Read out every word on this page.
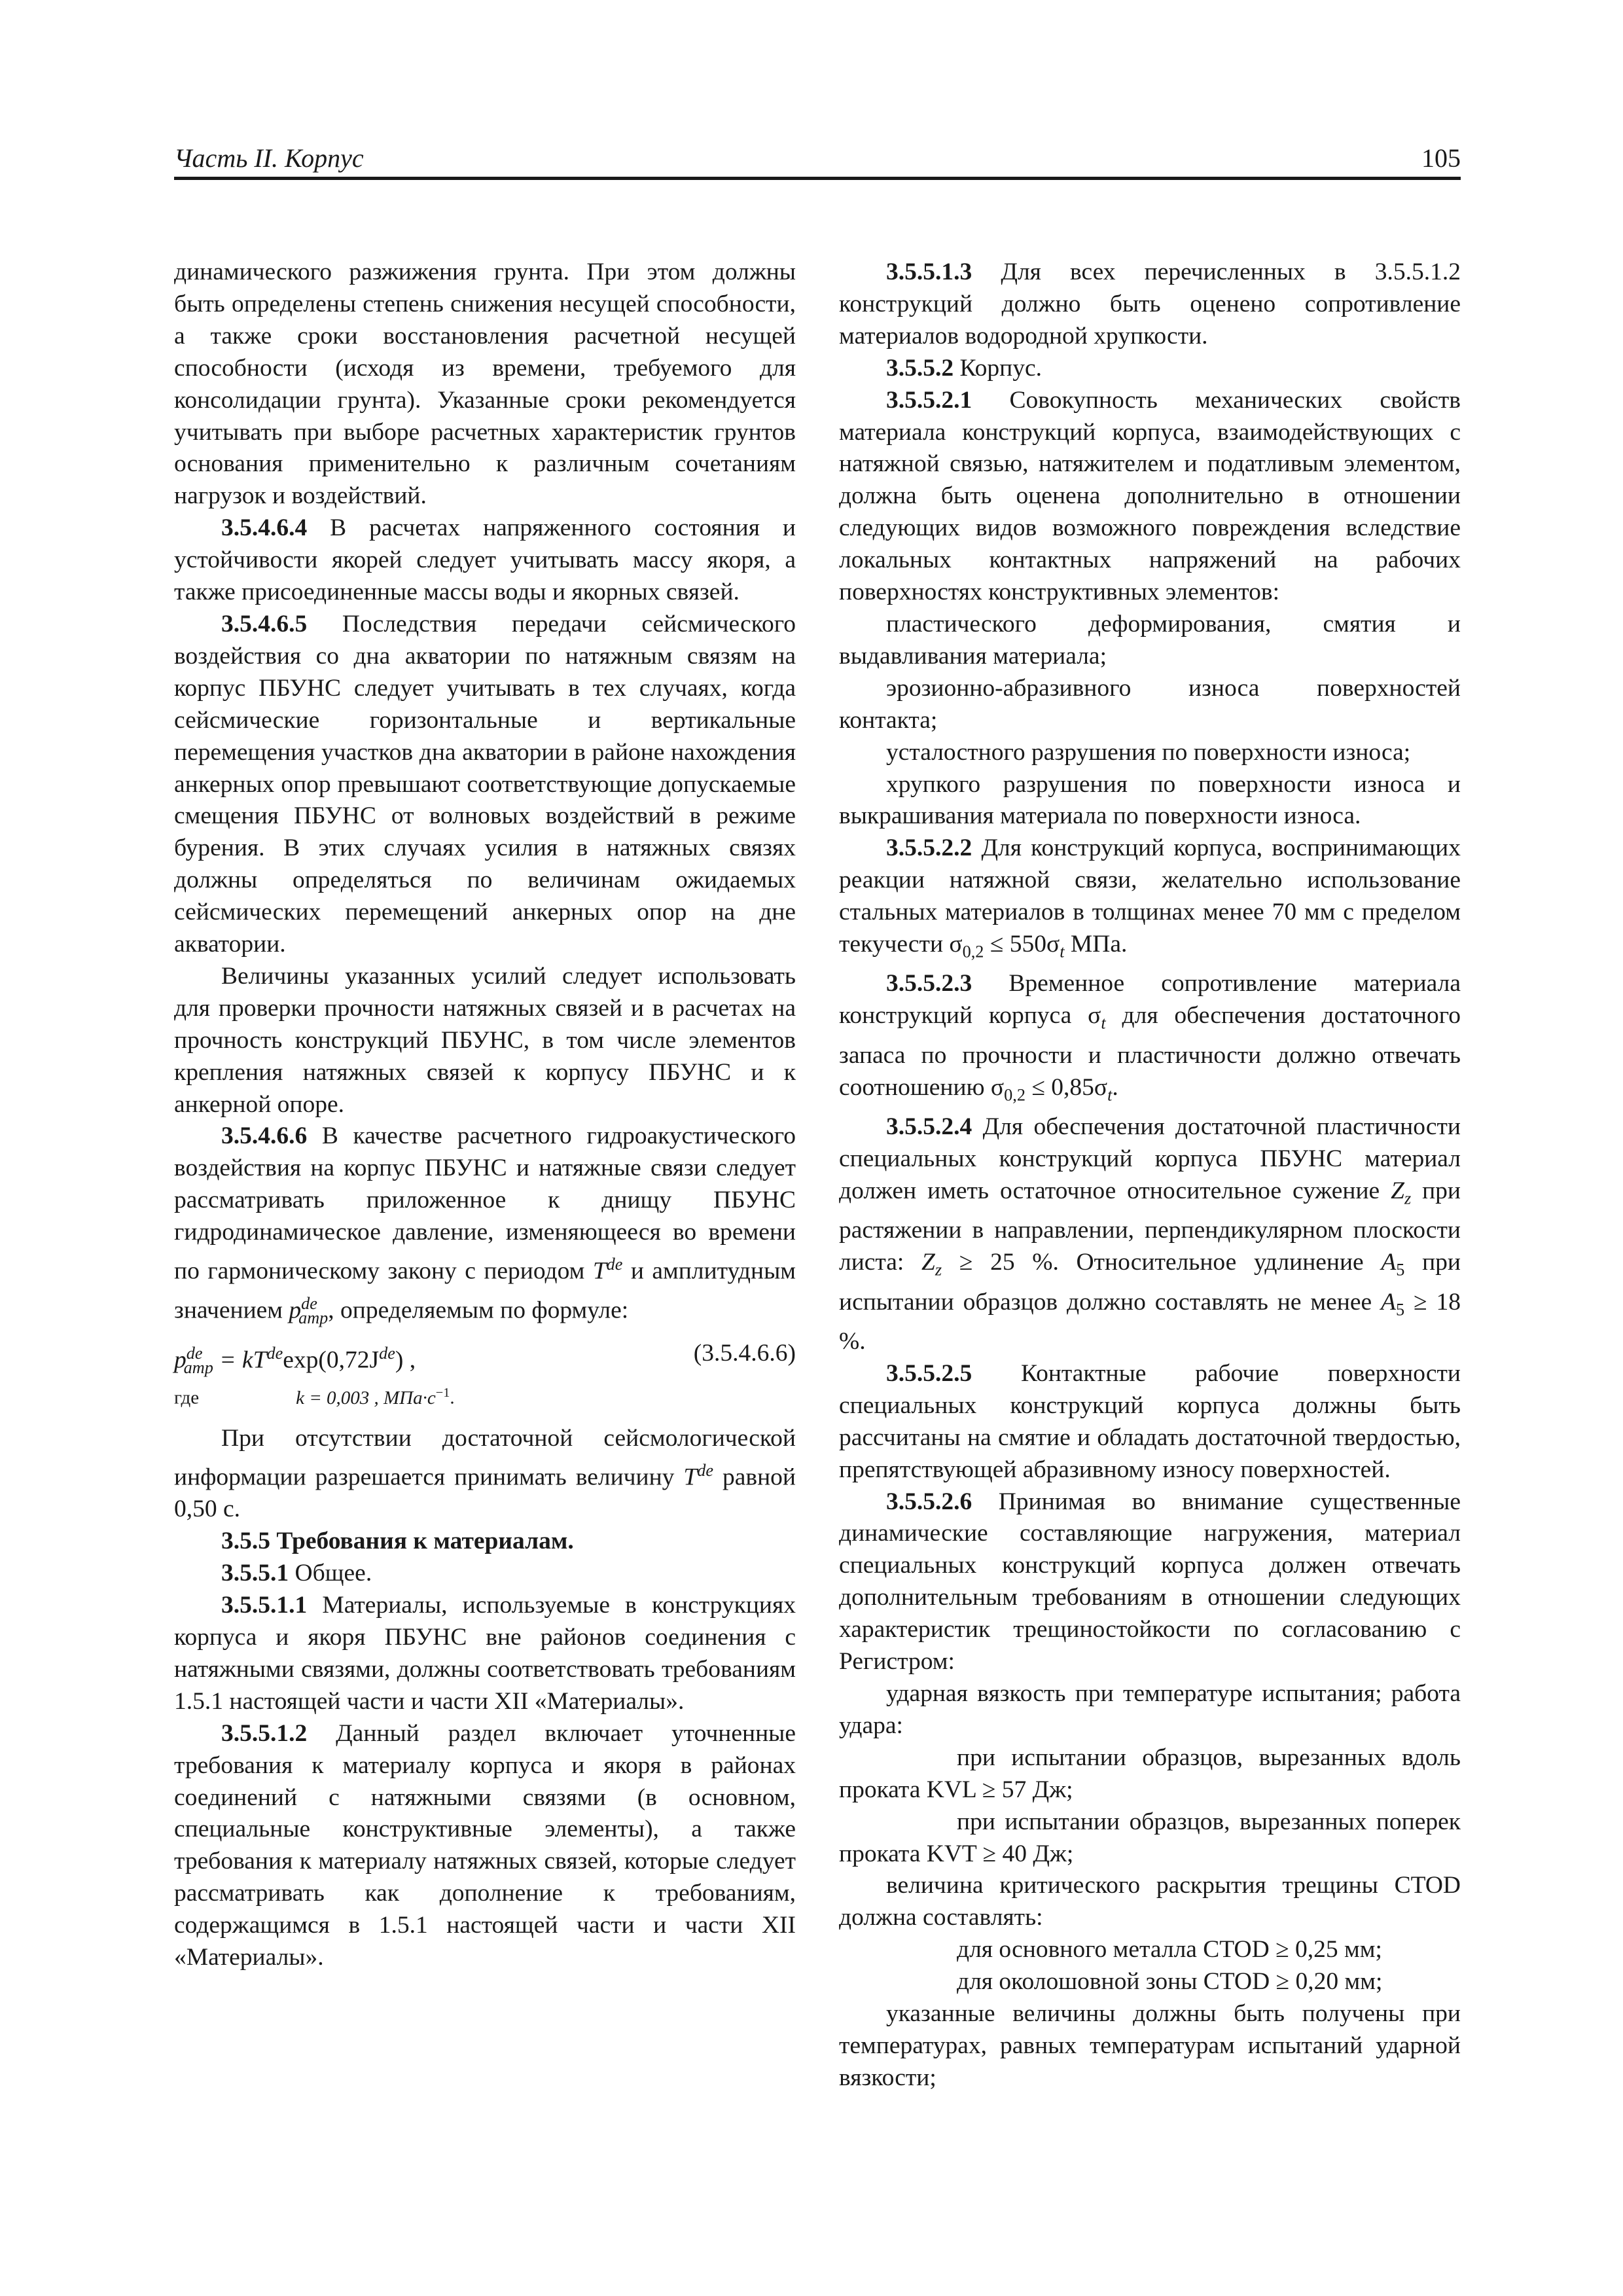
Часть II. Корпус	105

динамического разжижения грунта. При этом должны быть определены степень снижения несущей способности, а также сроки восстановления расчетной несущей способности (исходя из времени, требуемого для консолидации грунта). Указанные сроки рекомендуется учитывать при выборе расчетных характеристик грунтов основания применительно к различным сочетаниям нагрузок и воздействий.

3.5.4.6.4 В расчетах напряженного состояния и устойчивости якорей следует учитывать массу якоря, а также присоединенные массы воды и якорных связей.

3.5.4.6.5 Последствия передачи сейсмического воздействия со дна акватории по натяжным связям на корпус ПБУНС следует учитывать в тех случаях, когда сейсмические горизонтальные и вертикальные перемещения участков дна акватории в районе нахождения анкерных опор превышают соответствующие допускаемые смещения ПБУНС от волновых воздействий в режиме бурения. В этих случаях усилия в натяжных связях должны определяться по величинам ожидаемых сейсмических перемещений анкерных опор на дне акватории.

Величины указанных усилий следует использовать для проверки прочности натяжных связей и в расчетах на прочность конструкций ПБУНС, в том числе элементов крепления натяжных связей к корпусу ПБУНС и к анкерной опоре.

3.5.4.6.6 В качестве расчетного гидроакустического воздействия на корпус ПБУНС и натяжные связи следует рассматривать приложенное к днищу ПБУНС гидродинамическое давление, изменяющееся во времени по гармоническому закону с периодом $T^{de}$ и амплитудным значением $p^{de}_{amp}$, определяемым по формуле:

$p^{de}_{amp} = kT^{de}\exp(0,72J^{de})$ ,	(3.5.4.6.6)
где	k = 0,003 , $МПа\cdot с^{-1}$.

При отсутствии достаточной сейсмологической информации разрешается принимать величину $T^{de}$ равной 0,50 с.

3.5.5 Требования к материалам.

3.5.5.1 Общее.

3.5.5.1.1 Материалы, используемые в конструкциях корпуса и якоря ПБУНС вне районов соединения с натяжными связями, должны соответствовать требованиям 1.5.1 настоящей части и части XII «Материалы».

3.5.5.1.2 Данный раздел включает уточненные требования к материалу корпуса и якоря в районах соединений с натяжными связями (в основном, специальные конструктивные элементы), а также требования к материалу натяжных связей, которые следует рассматривать как дополнение к требованиям, содержащимся в 1.5.1 настоящей части и части XII «Материалы».

3.5.5.1.3 Для всех перечисленных в 3.5.5.1.2 конструкций должно быть оценено сопротивление материалов водородной хрупкости.

3.5.5.2 Корпус.

3.5.5.2.1 Совокупность механических свойств материала конструкций корпуса, взаимодействующих с натяжной связью, натяжителем и податливым элементом, должна быть оценена дополнительно в отношении следующих видов возможного повреждения вследствие локальных контактных напряжений на рабочих поверхностях конструктивных элементов:

пластического деформирования, смятия и выдавливания материала;

эрозионно-абразивного износа поверхностей контакта;

усталостного разрушения по поверхности износа;

хрупкого разрушения по поверхности износа и выкрашивания материала по поверхности износа.

3.5.5.2.2 Для конструкций корпуса, воспринимающих реакции натяжной связи, желательно использование стальных материалов в толщинах менее 70 мм с пределом текучести $\sigma_{0,2} \le 550\sigma_t$ МПа.

3.5.5.2.3 Временное сопротивление материала конструкций корпуса $\sigma_t$ для обеспечения достаточного запаса по прочности и пластичности должно отвечать соотношению $\sigma_{0,2} \le 0,85\sigma_t$.

3.5.5.2.4 Для обеспечения достаточной пластичности специальных конструкций корпуса ПБУНС материал должен иметь остаточное относительное сужение $Z_z$ при растяжении в направлении, перпендикулярном плоскости листа: $Z_z \ge 25$ %. Относительное удлинение $A_5$ при испытании образцов должно составлять не менее $A_5 \ge 18$ %.

3.5.5.2.5 Контактные рабочие поверхности специальных конструкций корпуса должны быть рассчитаны на смятие и обладать достаточной твердостью, препятствующей абразивному износу поверхностей.

3.5.5.2.6 Принимая во внимание существенные динамические составляющие нагружения, материал специальных конструкций корпуса должен отвечать дополнительным требованиям в отношении следующих характеристик трещиностойкости по согласованию с Регистром:

ударная вязкость при температуре испытания; работа удара:

при испытании образцов, вырезанных вдоль проката KVL ≥ 57 Дж;

при испытании образцов, вырезанных поперек проката KVT ≥ 40 Дж;

величина критического раскрытия трещины CTOD должна составлять:

для основного металла CTOD ≥ 0,25 мм;

для околошовной зоны CTOD ≥ 0,20 мм;

указанные величины должны быть получены при температурах, равных температурам испытаний ударной вязкости;
